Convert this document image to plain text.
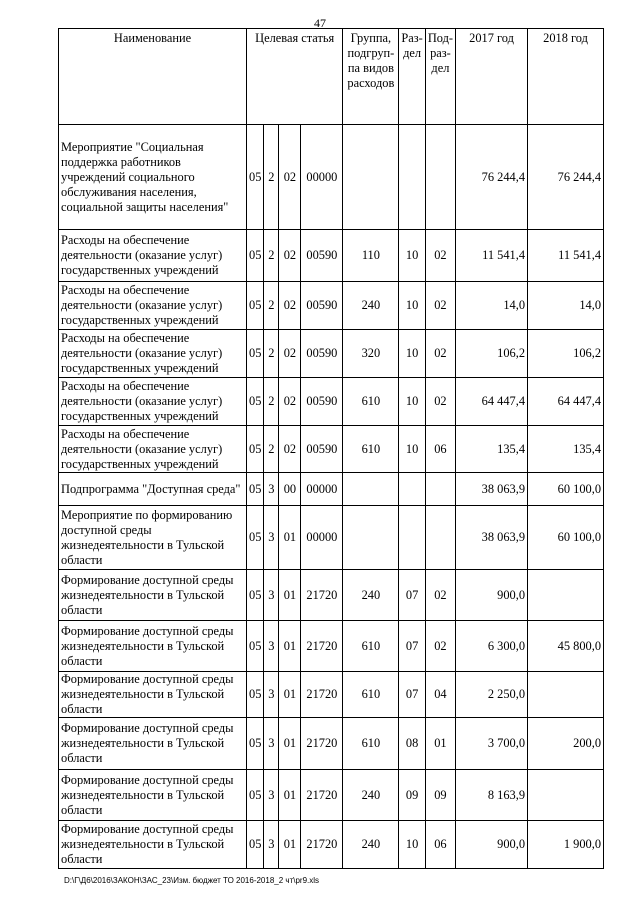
47
Наименование	Целевая статья				Группа, подгруп-па видов расходов	Раз-дел	Под-раз-дел	2017 год	2018 год
Мероприятие "Социальная поддержка работников учреждений социального обслуживания населения, социальной защиты населения"	05	2	02	00000				76 244,4	76 244,4
Расходы на обеспечение деятельности (оказание услуг) государственных учреждений	05	2	02	00590	110	10	02	11 541,4	11 541,4
Расходы на обеспечение деятельности (оказание услуг) государственных учреждений	05	2	02	00590	240	10	02	14,0	14,0
Расходы на обеспечение деятельности (оказание услуг) государственных учреждений	05	2	02	00590	320	10	02	106,2	106,2
Расходы на обеспечение деятельности (оказание услуг) государственных учреждений	05	2	02	00590	610	10	02	64 447,4	64 447,4
Расходы на обеспечение деятельности (оказание услуг) государственных учреждений	05	2	02	00590	610	10	06	135,4	135,4
Подпрограмма "Доступная среда"	05	3	00	00000				38 063,9	60 100,0
Мероприятие по формированию доступной среды жизнедеятельности в Тульской области	05	3	01	00000				38 063,9	60 100,0
Формирование доступной среды жизнедеятельности в Тульской области	05	3	01	21720	240	07	02	900,0	
Формирование доступной среды жизнедеятельности в Тульской области	05	3	01	21720	610	07	02	6 300,0	45 800,0
Формирование доступной среды жизнедеятельности в Тульской области	05	3	01	21720	610	07	04	2 250,0	
Формирование доступной среды жизнедеятельности в Тульской области	05	3	01	21720	610	08	01	3 700,0	200,0
Формирование доступной среды жизнедеятельности в Тульской области	05	3	01	21720	240	09	09	8 163,9	
Формирование доступной среды жизнедеятельности в Тульской области	05	3	01	21720	240	10	06	900,0	1 900,0
D:\Г\Д6\2016\ЗАКОН\ЗАС_23\Изм. бюджет ТО 2016-2018_2 чт\pr9.xls
